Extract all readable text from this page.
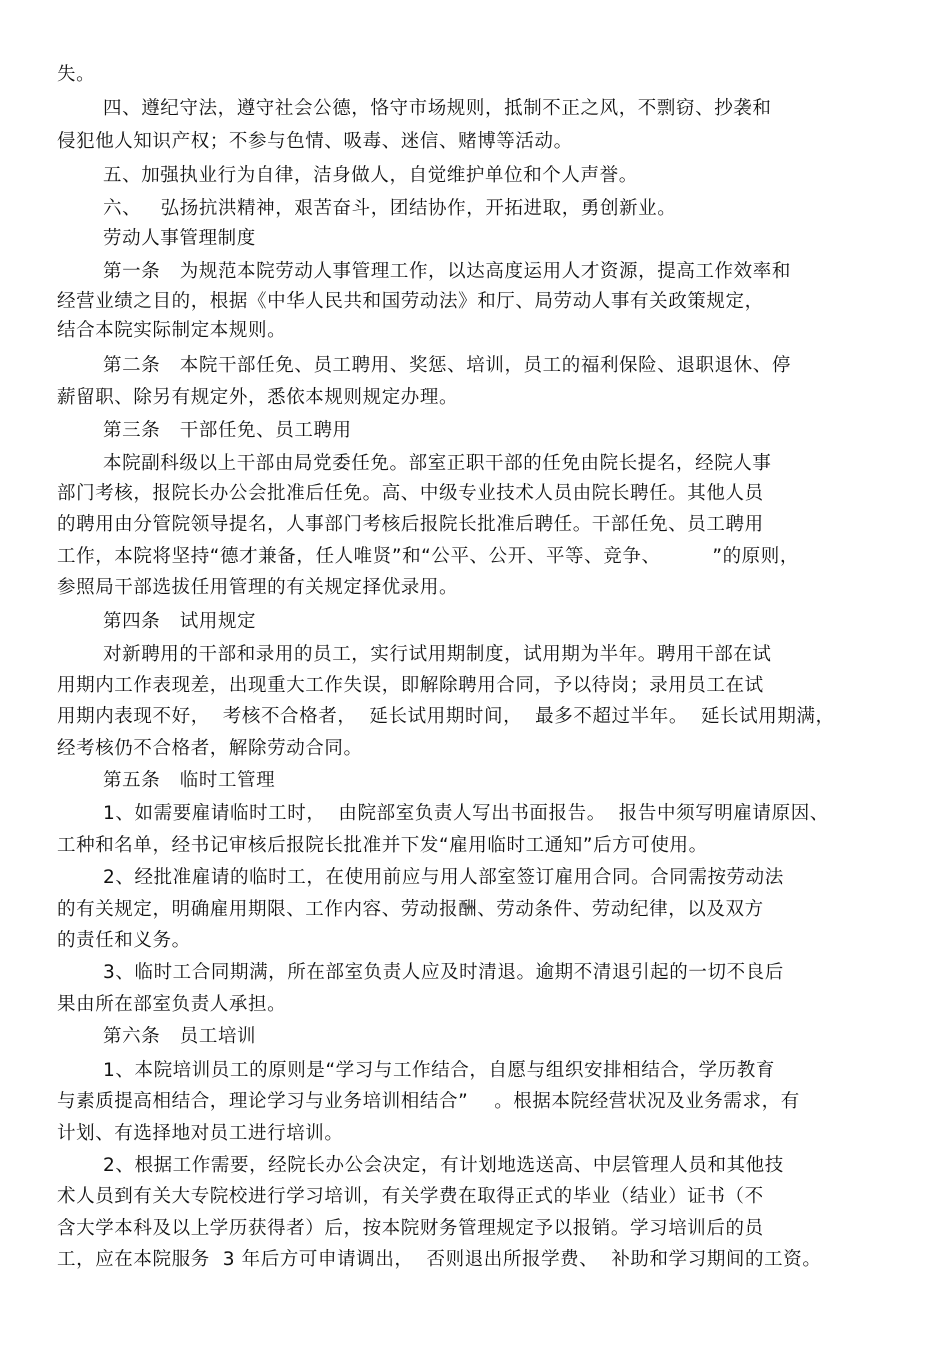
失。
四、遵纪守法，遵守社会公德，恪守市场规则，抵制不正之风，不剽窃、抄袭和
侵犯他人知识产权；不参与色情、吸毒、迷信、赌博等活动。
五、加强执业行为自律，洁身做人，自觉维护单位和个人声誉。
六、   弘扬抗洪精神，艰苦奋斗，团结协作，开拓进取，勇创新业。
劳动人事管理制度
第一条   为规范本院劳动人事管理工作，以达高度运用人才资源，提高工作效率和
经营业绩之目的，根据《中华人民共和国劳动法》和厅、局劳动人事有关政策规定，
结合本院实际制定本规则。
第二条   本院干部任免、员工聘用、奖惩、培训，员工的福利保险、退职退休、停
薪留职、除另有规定外，悉依本规则规定办理。
第三条   干部任免、员工聘用
本院副科级以上干部由局党委任免。部室正职干部的任免由院长提名，经院人事
部门考核，报院长办公会批准后任免。高、中级专业技术人员由院长聘任。其他人员
的聘用由分管院领导提名，人事部门考核后报院长批准后聘任。干部任免、员工聘用
工作，本院将坚持“德才兼备，任人唯贤”和“公平、公开、平等、竞争、        ”的原则，
参照局干部选拔任用管理的有关规定择优录用。
第四条   试用规定
对新聘用的干部和录用的员工，实行试用期制度，试用期为半年。聘用干部在试
用期内工作表现差，出现重大工作失误，即解除聘用合同，予以待岗；录用员工在试
用期内表现不好，  考核不合格者，  延长试用期时间，  最多不超过半年。  延长试用期满，
经考核仍不合格者，解除劳动合同。
第五条   临时工管理
1、如需要雇请临时工时，  由院部室负责人写出书面报告。  报告中须写明雇请原因、
工种和名单，经书记审核后报院长批准并下发“雇用临时工通知”后方可使用。
2、经批准雇请的临时工，在使用前应与用人部室签订雇用合同。合同需按劳动法
的有关规定，明确雇用期限、工作内容、劳动报酬、劳动条件、劳动纪律，以及双方
的责任和义务。
3、临时工合同期满，所在部室负责人应及时清退。逾期不清退引起的一切不良后
果由所在部室负责人承担。
第六条   员工培训
1、本院培训员工的原则是“学习与工作结合，自愿与组织安排相结合，学历教育
与素质提高相结合，理论学习与业务培训相结合”    。根据本院经营状况及业务需求，有
计划、有选择地对员工进行培训。
2、根据工作需要，经院长办公会决定，有计划地选送高、中层管理人员和其他技
术人员到有关大专院校进行学习培训，有关学费在取得正式的毕业（结业）证书（不
含大学本科及以上学历获得者）后，按本院财务管理规定予以报销。学习培训后的员
工，应在本院服务  3 年后方可申请调出，  否则退出所报学费、  补助和学习期间的工资。
